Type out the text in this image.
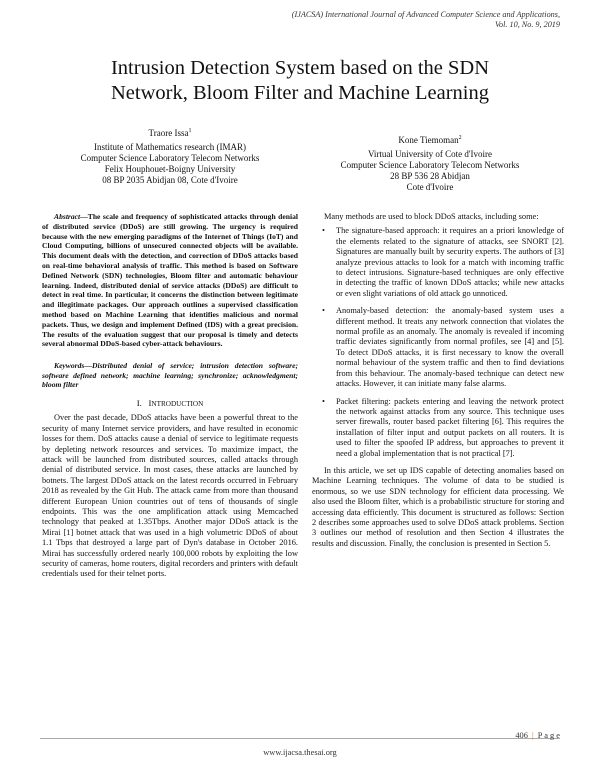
(IJACSA) International Journal of Advanced Computer Science and Applications,
Vol. 10, No. 9, 2019
Intrusion Detection System based on the SDN
Network, Bloom Filter and Machine Learning
Traore Issa$^1$
Institute of Mathematics research (IMAR)
Computer Science Laboratory Telecom Networks
Felix Houphouet-Boigny University
08 BP 2035 Abidjan 08, Cote d'Ivoire
Kone Tiemoman$^2$
Virtual University of Cote d'Ivoire
Computer Science Laboratory Telecom Networks
28 BP 536 28 Abidjan
Cote d'Ivoire

Abstract—The scale and frequency of sophisticated attacks through denial of distributed service (DDoS) are still growing. The urgency is required because with the new emerging paradigms of the Internet of Things (IoT) and Cloud Computing, billions of unsecured connected objects will be available. This document deals with the detection, and correction of DDoS attacks based on real-time behavioral analysis of traffic. This method is based on Software Defined Network (SDN) technologies, Bloom filter and automatic behaviour learning. Indeed, distributed denial of service attacks (DDoS) are difficult to detect in real time. In particular, it concerns the distinction between legitimate and illegitimate packages. Our approach outlines a supervised classification method based on Machine Learning that identifies malicious and normal packets. Thus, we design and implement Defined (IDS) with a great precision. The results of the evaluation suggest that our proposal is timely and detects several abnormal DDoS-based cyber-attack behaviours.

Keywords—Distributed denial of service; intrusion detection software; software defined network; machine learning; synchronize; acknowledgment; bloom filter

I. INTRODUCTION

Over the past decade, DDoS attacks have been a powerful threat to the security of many Internet service providers, and have resulted in economic losses for them. DoS attacks cause a denial of service to legitimate requests by depleting network resources and services. To maximize impact, the attack will be launched from distributed sources, called attacks through denial of distributed service. In most cases, these attacks are launched by botnets. The largest DDoS attack on the latest records occurred in February 2018 as revealed by the Git Hub. The attack came from more than thousand different European Union countries out of tens of thousands of single endpoints. This was the one amplification attack using Memcached technology that peaked at 1.35Tbps. Another major DDoS attack is the Mirai [1] botnet attack that was used in a high volumetric DDoS of about 1.1 Tbps that destroyed a large part of Dyn's database in October 2016. Mirai has successfully ordered nearly 100,000 robots by exploiting the low security of cameras, home routers, digital recorders and printers with default credentials used for their telnet ports.

Many methods are used to block DDoS attacks, including some:

• The signature-based approach: it requires an a priori knowledge of the elements related to the signature of attacks, see SNORT [2]. Signatures are manually built by security experts. The authors of [3] analyze previous attacks to look for a match with incoming traffic to detect intrusions. Signature-based techniques are only effective in detecting the traffic of known DDoS attacks; while new attacks or even slight variations of old attack go unnoticed.
• Anomaly-based detection: the anomaly-based system uses a different method. It treats any network connection that violates the normal profile as an anomaly. The anomaly is revealed if incoming traffic deviates significantly from normal profiles, see [4] and [5]. To detect DDoS attacks, it is first necessary to know the overall normal behaviour of the system traffic and then to find deviations from this behaviour. The anomaly-based technique can detect new attacks. However, it can initiate many false alarms.
• Packet filtering: packets entering and leaving the network protect the network against attacks from any source. This technique uses server firewalls, router based packet filtering [6]. This requires the installation of filter input and output packets on all routers. It is used to filter the spoofed IP address, but approaches to prevent it need a global implementation that is not practical [7].

In this article, we set up IDS capable of detecting anomalies based on Machine Learning techniques. The volume of data to be studied is enormous, so we use SDN technology for efficient data processing. We also used the Bloom filter, which is a probabilistic structure for storing and accessing data efficiently. This document is structured as follows: Section 2 describes some approaches used to solve DDoS attack problems. Section 3 outlines our method of resolution and then Section 4 illustrates the results and discussion. Finally, the conclusion is presented in Section 5.

406 | P a g e
www.ijacsa.thesai.org
